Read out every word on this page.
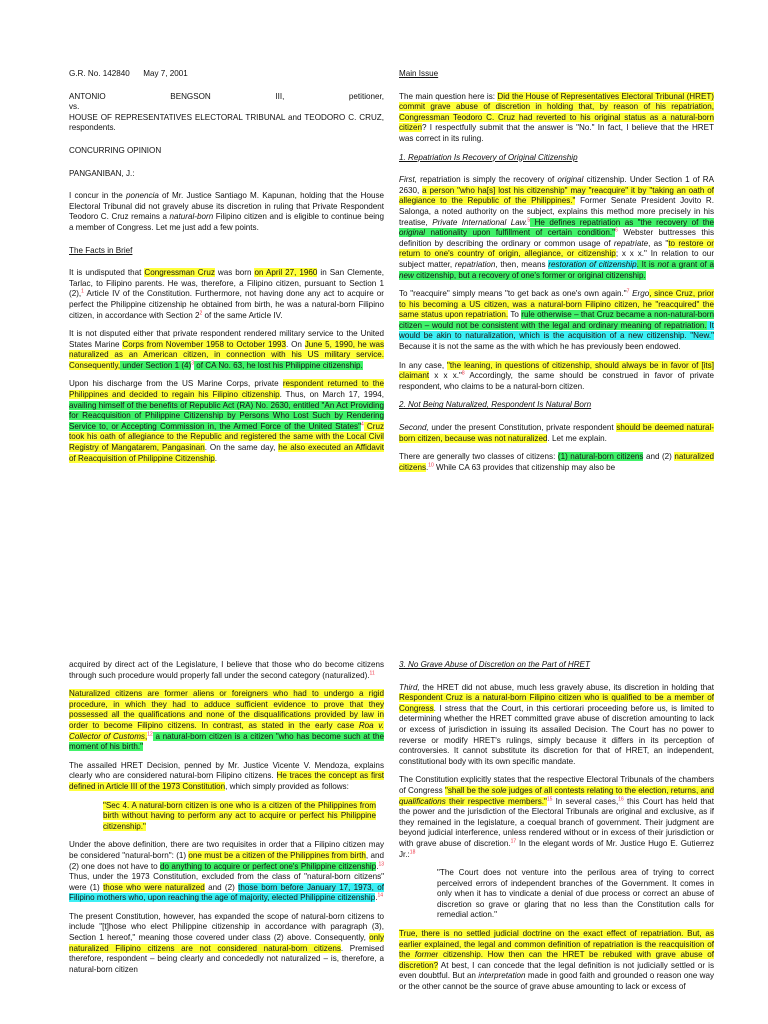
G.R. No. 142840      May 7, 2001
ANTONIO BENGSON III, petitioner,
vs.
HOUSE OF REPRESENTATIVES ELECTORAL TRIBUNAL and TEODORO C. CRUZ, respondents.
CONCURRING OPINION
PANGANIBAN, J.:
I concur in the ponencia of Mr. Justice Santiago M. Kapunan, holding that the House Electoral Tribunal did not gravely abuse its discretion in ruling that Private Respondent Teodoro C. Cruz remains a natural-born Filipino citizen and is eligible to continue being a member of Congress. Let me just add a few points.
The Facts in Brief
It is undisputed that Congressman Cruz was born on April 27, 1960 in San Clemente, Tarlac, to Filipino parents. He was, therefore, a Filipino citizen, pursuant to Section 1 (2),$^1$ Article IV of the Constitution. Furthermore, not having done any act to acquire or perfect the Philippine citizenship he obtained from birth, he was a natural-born Filipino citizen, in accordance with Section $2^2$ of the same Article IV.
It is not disputed either that private respondent rendered military service to the United States Marine Corps from November 1958 to October 1993. On June 5, 1990, he was naturalized as an American citizen, in connection with his US military service. Consequently, under Section 1 $(4)^3$ of CA No. 63, he lost his Philippine citizenship.
Upon his discharge from the US Marine Corps, private respondent returned to the Philippines and decided to regain his Filipino citizenship. Thus, on March 17, 1994, availing himself of the benefits of Republic Act (RA) No. 2630, entitled "An Act Providing for Reacquisition of Philippine Citizenship by Persons Who Lost Such by Rendering Service to, or Accepting Commission in, the Armed Force of the United States"$^4$ Cruz took his oath of allegiance to the Republic and registered the same with the Local Civil Registry of Mangatarem, Pangasinan. On the same day, he also executed an Affidavit of Reacquisition of Philippine Citizenship.
Main Issue
The main question here is: Did the House of Representatives Electoral Tribunal (HRET) commit grave abuse of discretion in holding that, by reason of his repatriation, Congressman Teodoro C. Cruz had reverted to his original status as a natural-born citizen? I respectfully submit that the answer is "No." In fact, I believe that the HRET was correct in its ruling.
1. Repatriation Is Recovery of Original Citizenship
First, repatriation is simply the recovery of original citizenship. Under Section 1 of RA 2630, a person "who ha[s] lost his citizenship" may "reacquire" it by "taking an oath of allegiance to the Republic of the Philippines." Former Senate President Jovito R. Salonga, a noted authority on the subject, explains this method more precisely in his treatise, Private International Law.$^5$ He defines repatriation as "the recovery of the original nationality upon fulfillment of certain condition."$^6$ Webster buttresses this definition by describing the ordinary or common usage of repatriate, as "to restore or return to one's country of origin, allegiance, or citizenship; x x x." In relation to our subject matter, repatriation, then, means restoration of citizenship. It is not a grant of a new citizenship, but a recovery of one's former or original citizenship.
To "reacquire" simply means "to get back as one's own again."$^7$ Ergo, since Cruz, prior to his becoming a US citizen, was a natural-born Filipino citizen, he "reacquired" the same status upon repatriation. To rule otherwise – that Cruz became a non-natural-born citizen – would not be consistent with the legal and ordinary meaning of repatriation. It would be akin to naturalization, which is the acquisition of a new citizenship. "New." Because it is not the same as the with which he has previously been endowed.
In any case, "the leaning, in questions of citizenship, should always be in favor of [its] claimant x x x."$^8$ Accordingly, the same should be construed in favor of private respondent, who claims to be a natural-born citizen.
2. Not Being Naturalized, Respondent Is Natural Born
Second, under the present Constitution, private respondent should be deemed natural-born citizen, because was not naturalized. Let me explain.
There are generally two classes of citizens: (1) natural-born citizens and (2) naturalized citizens.$^{10}$ While CA 63 provides that citizenship may also be
acquired by direct act of the Legislature, I believe that those who do become citizens through such procedure would properly fall under the second category (naturalized).$^{11}$
Naturalized citizens are former aliens or foreigners who had to undergo a rigid procedure, in which they had to adduce sufficient evidence to prove that they possessed all the qualifications and none of the disqualifications provided by law in order to become Filipino citizens. In contrast, as stated in the early case Roa v. Collector of Customs,$^{12}$ a natural-born citizen is a citizen "who has become such at the moment of his birth."
The assailed HRET Decision, penned by Mr. Justice Vicente V. Mendoza, explains clearly who are considered natural-born Filipino citizens. He traces the concept as first defined in Article III of the 1973 Constitution, which simply provided as follows:
"Sec 4. A natural-born citizen is one who is a citizen of the Philippines from birth without having to perform any act to acquire or perfect his Philippine citizenship."
Under the above definition, there are two requisites in order that a Filipino citizen may be considered "natural-born": (1) one must be a citizen of the Philippines from birth, and (2) one does not have to do anything to acquire or perfect one's Philippine citizenship.$^{13}$ Thus, under the 1973 Constitution, excluded from the class of "natural-born citizens" were (1) those who were naturalized and (2) those born before January 17, 1973, of Filipino mothers who, upon reaching the age of majority, elected Philippine citizenship.$^{14}$
The present Constitution, however, has expanded the scope of natural-born citizens to include "[t]hose who elect Philippine citizenship in accordance with paragraph (3), Section 1 hereof," meaning those covered under class (2) above. Consequently, only naturalized Filipino citizens are not considered natural-born citizens. Premised therefore, respondent – being clearly and concededly not naturalized – is, therefore, a natural-born citizen
3. No Grave Abuse of Discretion on the Part of HRET
Third, the HRET did not abuse, much less gravely abuse, its discretion in holding that Respondent Cruz is a natural-born Filipino citizen who is qualified to be a member of Congress. I stress that the Court, in this certiorari proceeding before us, is limited to determining whether the HRET committed grave abuse of discretion amounting to lack or excess of jurisdiction in issuing its assailed Decision. The Court has no power to reverse or modify HRET's rulings, simply because it differs in its perception of controversies. It cannot substitute its discretion for that of HRET, an independent, constitutional body with its own specific mandate.
The Constitution explicitly states that the respective Electoral Tribunals of the chambers of Congress "shall be the sole judges of all contests relating to the election, returns, and qualifications their respective members."$^{15}$ In several cases,$^{16}$ this Court has held that the power and the jurisdiction of the Electoral Tribunals are original and exclusive, as if they remained in the legislature, a coequal branch of government. Their judgment are beyond judicial interference, unless rendered without or in excess of their jurisdiction or with grave abuse of discretion.$^{17}$ In the elegant words of Mr. Justice Hugo E. Gutierrez Jr.:$^{18}$
"The Court does not venture into the perilous area of trying to correct perceived errors of independent branches of the Government. It comes in only when it has to vindicate a denial of due process or correct an abuse of discretion so grave or glaring that no less than the Constitution calls for remedial action."
True, there is no settled judicial doctrine on the exact effect of repatriation. But, as earlier explained, the legal and common definition of repatriation is the reacquisition of the former citizenship. How then can the HRET be rebuked with grave abuse of discretion? At best, I can concede that the legal definition is not judicially settled or is even doubtful. But an interpretation made in good faith and grounded o reason one way or the other cannot be the source of grave abuse amounting to lack or excess of
